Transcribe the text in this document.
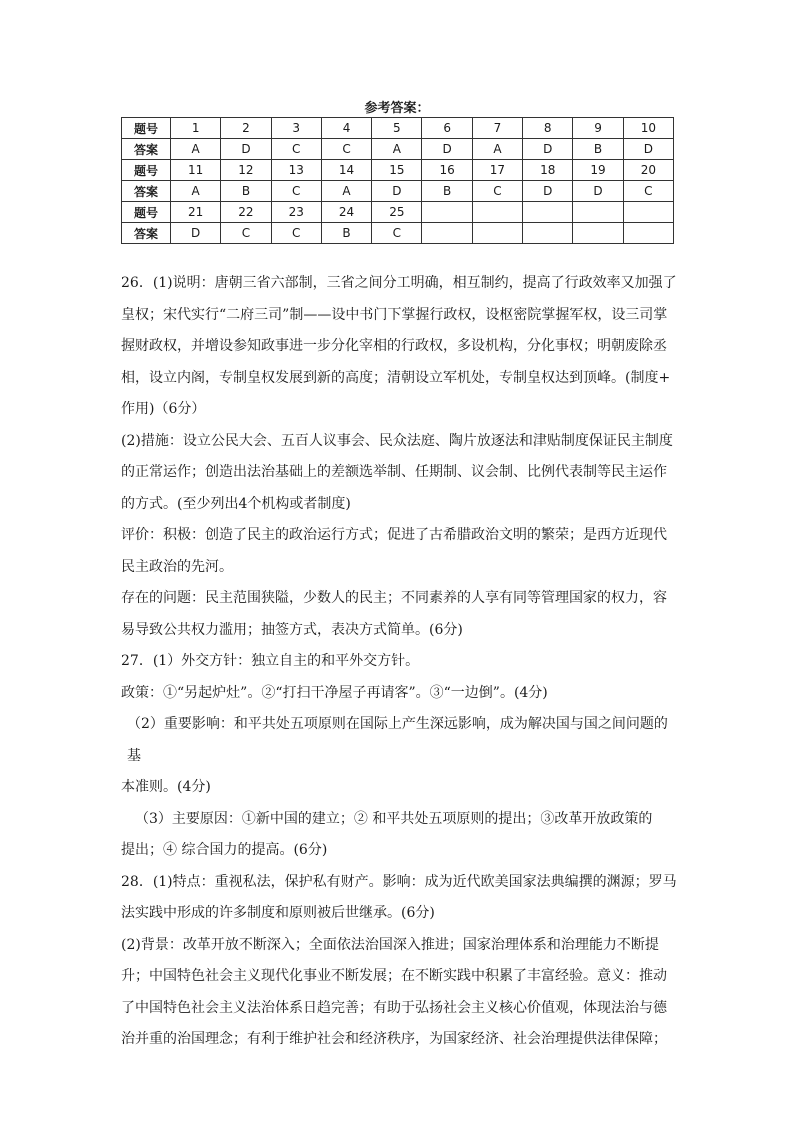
参考答案：
题号	1	2	3	4	5	6	7	8	9	10
答案	A	D	C	C	A	D	A	D	B	D
题号	11	12	13	14	15	16	17	18	19	20
答案	A	B	C	A	D	B	C	D	D	C
题号	21	22	23	24	25					
答案	D	C	C	B	C					

26．(1)说明：唐朝三省六部制，三省之间分工明确，相互制约，提高了行政效率又加强了

皇权；宋代实行“二府三司”制——设中书门下掌握行政权，设枢密院掌握军权，设三司掌

握财政权，并增设参知政事进一步分化宰相的行政权，多设机构，分化事权；明朝废除丞

相，设立内阁，专制皇权发展到新的高度；清朝设立军机处，专制皇权达到顶峰。(制度+

作用)（6分）

(2)措施：设立公民大会、五百人议事会、民众法庭、陶片放逐法和津贴制度保证民主制度

的正常运作；创造出法治基础上的差额选举制、任期制、议会制、比例代表制等民主运作

的方式。(至少列出4个机构或者制度)

评价：积极：创造了民主的政治运行方式；促进了古希腊政治文明的繁荣；是西方近现代

民主政治的先河。

存在的问题：民主范围狭隘，少数人的民主；不同素养的人享有同等管理国家的权力，容

易导致公共权力滥用；抽签方式，表决方式简单。(6分)

27．(1）外交方针：独立自主的和平外交方针。

政策：①“另起炉灶”。②“打扫干净屋子再请客”。③“一边倒”。(4分)

（2）重要影响：和平共处五项原则在国际上产生深远影响，成为解决国与国之间问题的基

本准则。(4分)

（3）主要原因：①新中国的建立；② 和平共处五项原则的提出；③改革开放政策的

提出；④ 综合国力的提高。(6分)

28．(1)特点：重视私法，保护私有财产。影响：成为近代欧美国家法典编撰的渊源；罗马

法实践中形成的许多制度和原则被后世继承。(6分)

(2)背景：改革开放不断深入；全面依法治国深入推进；国家治理体系和治理能力不断提

升；中国特色社会主义现代化事业不断发展；在不断实践中积累了丰富经验。意义：推动

了中国特色社会主义法治体系日趋完善；有助于弘扬社会主义核心价值观，体现法治与德

治并重的治国理念；有利于维护社会和经济秩序，为国家经济、社会治理提供法律保障；
